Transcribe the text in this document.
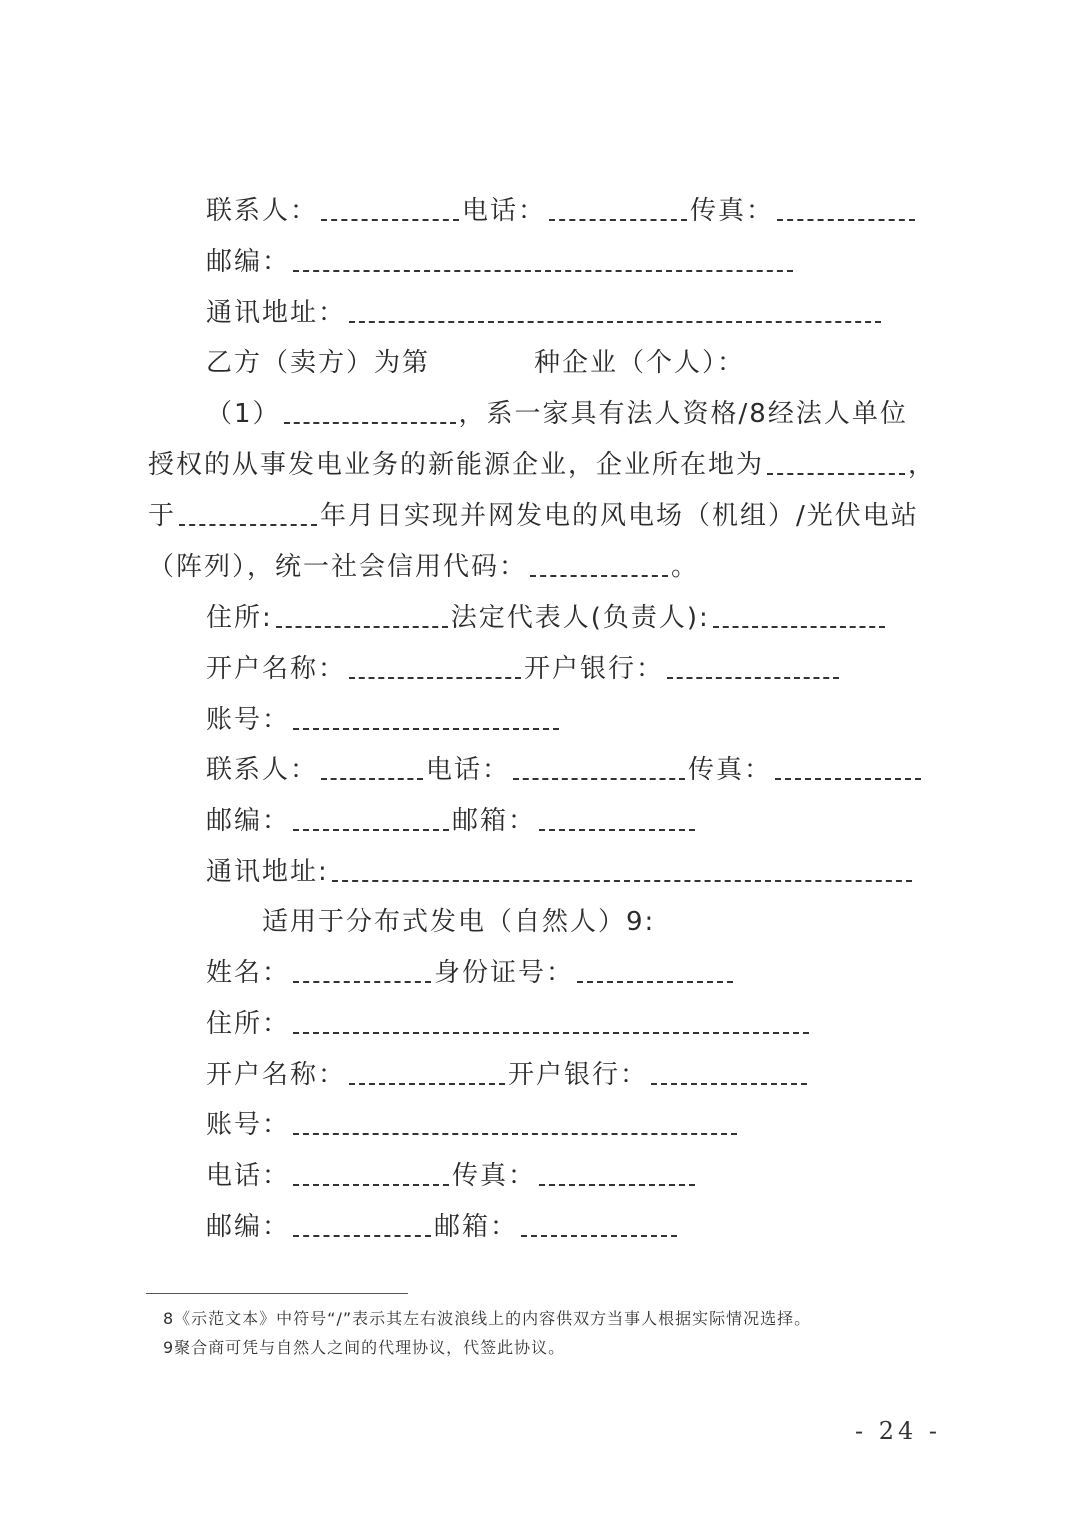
联系人：	电话：	传真：
邮编：
通讯地址：
乙方（卖方）为第	种企业（个人）：
（1）	，系一家具有法人资格/8经法人单位
授权的从事发电业务的新能源企业，企业所在地为	，
于	年月日实现并网发电的风电场（机组）/光伏电站
（阵列），统一社会信用代码：	。
住所:	法定代表人(负责人):
开户名称：	开户银行：
账号：
联系人：	电话：	传真：
邮编：	邮箱：
通讯地址:
适用于分布式发电（自然人）9:
姓名：	身份证号：
住所：
开户名称：	开户银行：
账号：
电话：	传真：
邮编：	邮箱：
8《示范文本》中符号“/”表示其左右波浪线上的内容供双方当事人根据实际情况选择。
9聚合商可凭与自然人之间的代理协议，代签此协议。
- 24 -
